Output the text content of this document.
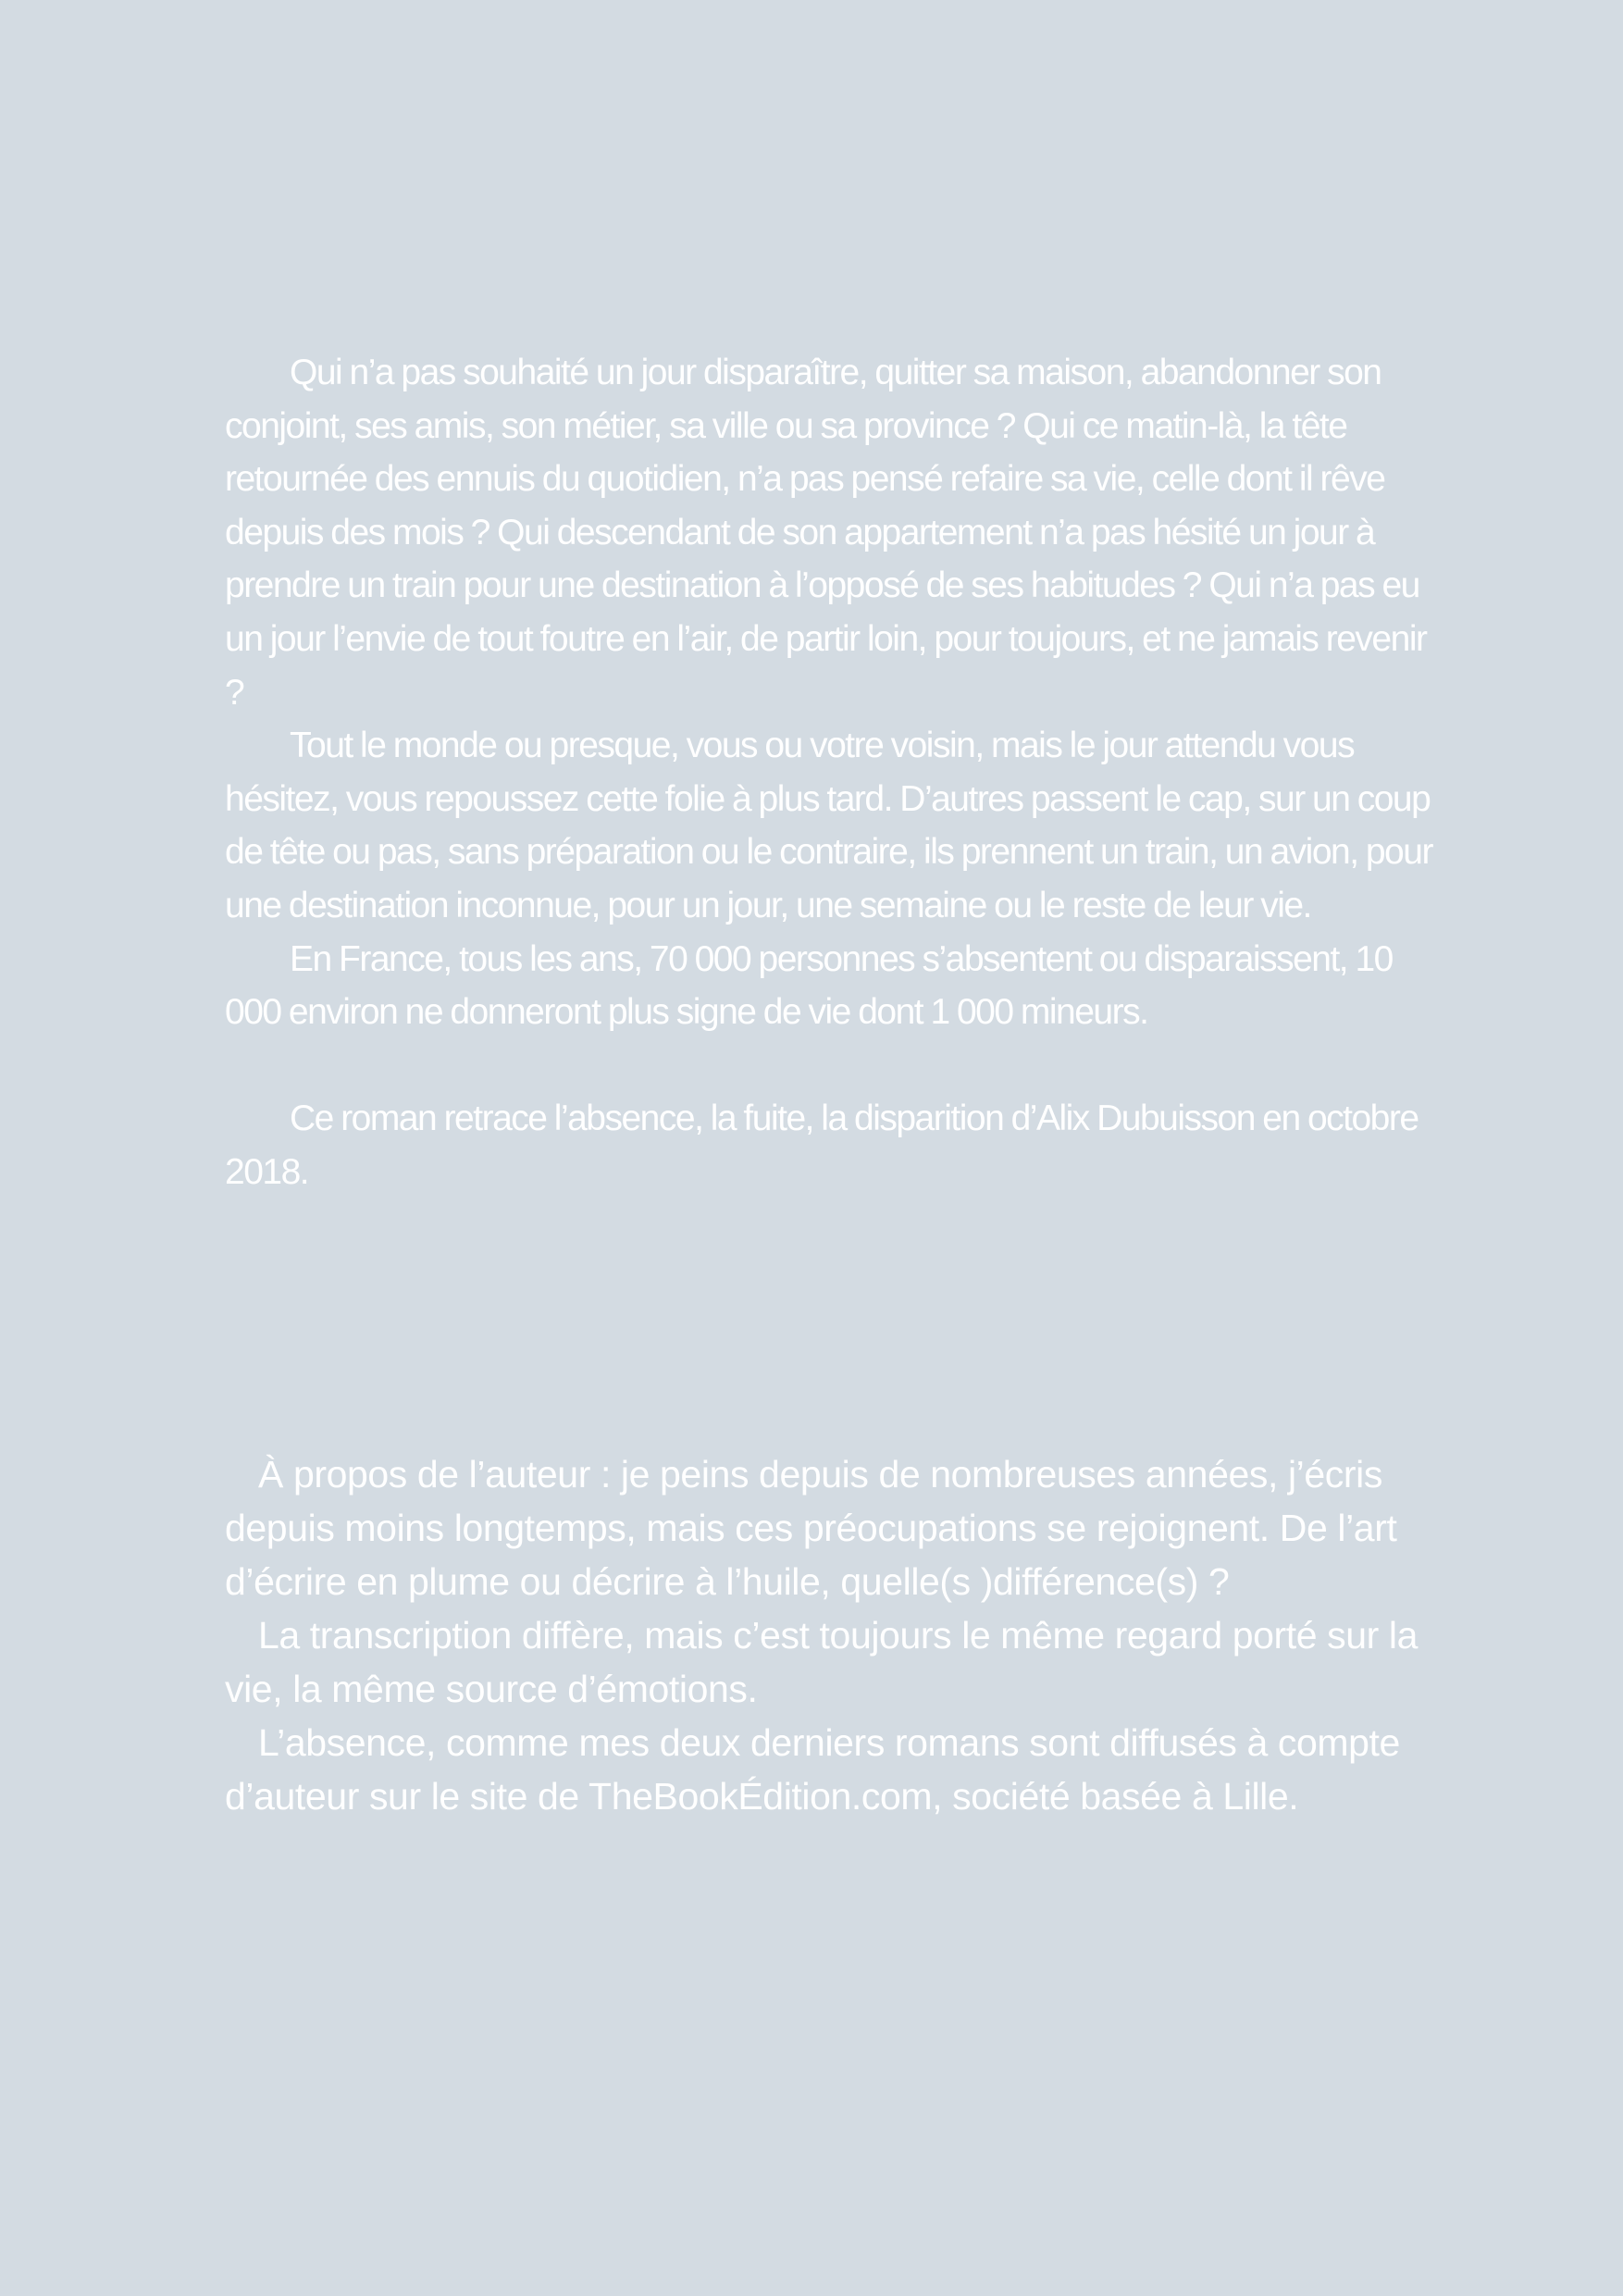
Qui n’a pas souhaité un jour disparaître, quitter sa maison, abandonner son conjoint, ses amis, son métier, sa ville ou sa province ? Qui ce matin-là, la tête retournée des ennuis du quotidien, n’a pas pensé refaire sa vie, celle dont il rêve depuis des mois ? Qui descendant de son appartement n’a pas hésité un jour à prendre un train pour une destination à l’opposé de ses habitudes ? Qui n’a pas eu un jour l’envie de tout foutre en l’air, de partir loin, pour toujours, et ne jamais revenir ?

Tout le monde ou presque, vous ou votre voisin, mais le jour attendu vous hésitez, vous repoussez cette folie à plus tard. D’autres passent le cap, sur un coup de tête ou pas, sans préparation ou le contraire, ils prennent un train, un avion, pour une destination inconnue, pour un jour, une semaine ou le reste de leur vie.

En France, tous les ans, 70 000 personnes s’absentent ou disparaissent, 10 000 environ ne donneront plus signe de vie dont 1 000 mineurs.

Ce roman retrace l’absence, la fuite, la disparition d’Alix Dubuisson en octobre 2018.

À propos de l’auteur : je peins depuis de nombreuses années, j’écris depuis moins longtemps, mais ces préocupations se rejoignent. De l’art d’écrire en plume ou décrire à l’huile, quelle(s )différence(s) ?

La transcription diffère, mais c’est toujours le même regard porté sur la vie, la même source d’émotions.

L’absence, comme mes deux derniers romans sont diffusés à compte d’auteur sur le site de TheBookÉdition.com, société basée à Lille.
